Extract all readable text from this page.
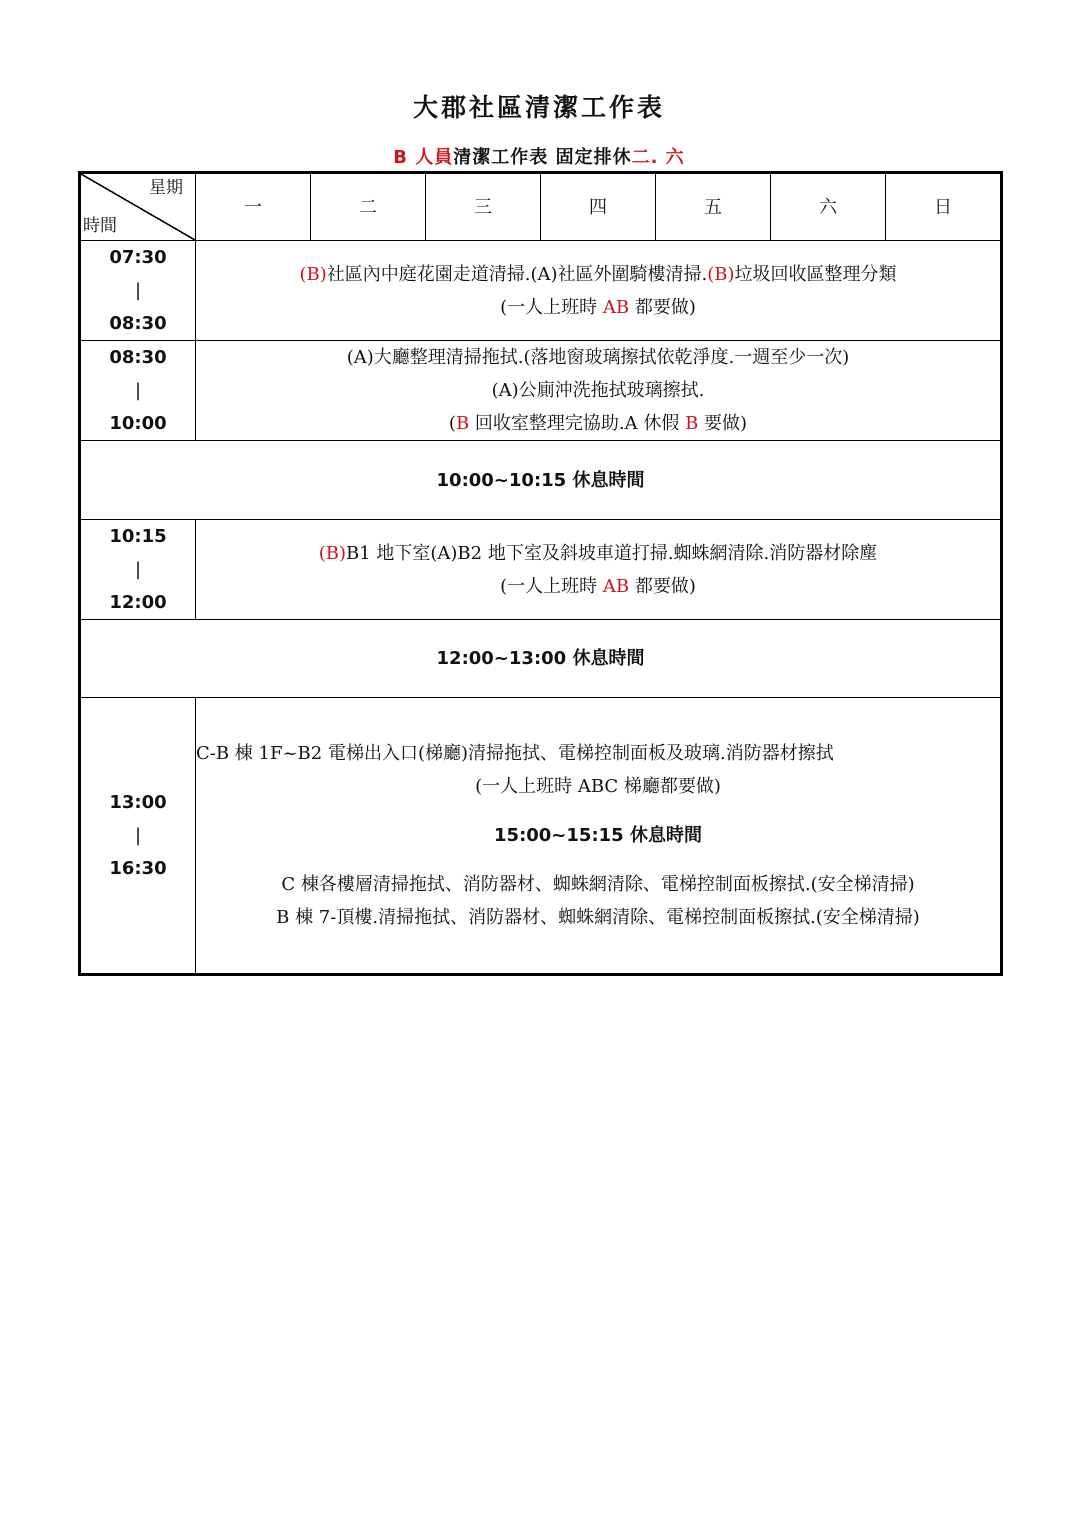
大郡社區清潔工作表
B 人員清潔工作表 固定排休二. 六
星期
時間	一	二	三	四	五	六	日

07:30
|
08:30	(B)社區內中庭花園走道清掃.(A)社區外圍騎樓清掃.(B)垃圾回收區整理分類
(一人上班時 AB 都要做)						

08:30
|
10:00	(A)大廳整理清掃拖拭.(落地窗玻璃擦拭依乾淨度.一週至少一次)
(A)公廁沖洗拖拭玻璃擦拭.
(B 回收室整理完協助.A 休假 B 要做)						

10:00~10:15 休息時間							

10:15
|
12:00	(B)B1 地下室(A)B2 地下室及斜坡車道打掃.蜘蛛網清除.消防器材除塵
(一人上班時 AB 都要做)						

12:00~13:00 休息時間							

13:00
|
16:30	C-B 棟 1F~B2 電梯出入口(梯廳)清掃拖拭、電梯控制面板及玻璃.消防器材擦拭
(一人上班時 ABC 梯廳都要做)
15:00~15:15 休息時間
C 棟各樓層清掃拖拭、消防器材、蜘蛛網清除、電梯控制面板擦拭.(安全梯清掃)
B 棟 7-頂樓.清掃拖拭、消防器材、蜘蛛網清除、電梯控制面板擦拭.(安全梯清掃)						
